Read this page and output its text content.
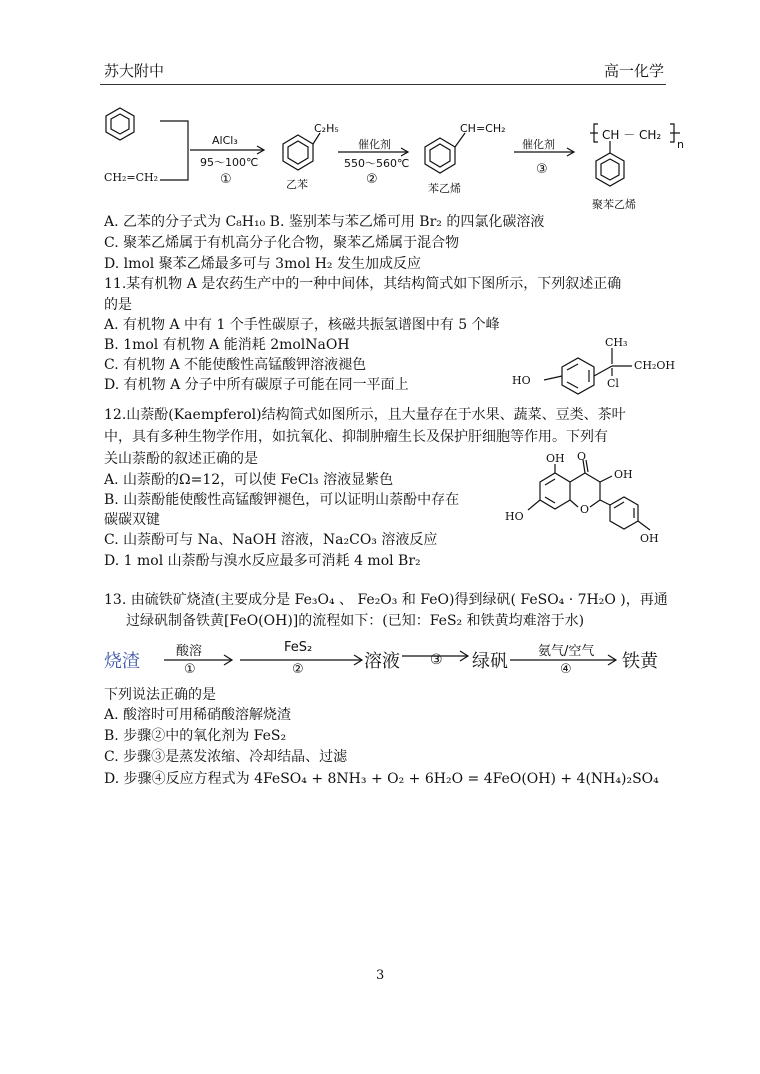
苏大附中	高一化学
CH₂=CH₂
AlCl₃
95～100℃
①
C₂H₅
乙苯
催化剂
550～560℃
②
CH=CH₂
苯乙烯
催化剂
③
CH － CH₂
n
聚苯乙烯
A. 乙苯的分子式为 C₈H₁₀ B. 鉴别苯与苯乙烯可用 Br₂ 的四氯化碳溶液
C. 聚苯乙烯属于有机高分子化合物，聚苯乙烯属于混合物
D. lmol 聚苯乙烯最多可与 3mol H₂ 发生加成反应
11.某有机物 A 是农药生产中的一种中间体，其结构简式如下图所示，下列叙述正确
的是
A. 有机物 A 中有 1 个手性碳原子，核磁共振氢谱图中有 5 个峰
B. 1mol 有机物 A 能消耗 2molNaOH
C. 有机物 A 不能使酸性高锰酸钾溶液褪色
D. 有机物 A 分子中所有碳原子可能在同一平面上	HO
CH₃
CH₂OH
Cl
12.山萘酚(Kaempferol)结构简式如图所示，且大量存在于水果、蔬菜、豆类、茶叶
中，具有多种生物学作用，如抗氧化、抑制肿瘤生长及保护肝细胞等作用。下列有
关山萘酚的叙述正确的是
A. 山萘酚的Ω=12，可以使 FeCl₃ 溶液显紫色
B. 山萘酚能使酸性高锰酸钾褪色，可以证明山萘酚中存在
碳碳双键
C. 山萘酚可与 Na、NaOH 溶液，Na₂CO₃ 溶液反应
D. 1 mol 山萘酚与溴水反应最多可消耗 4 mol Br₂
OH O
OH
HO
OH
O
13. 由硫铁矿烧渣(主要成分是 Fe₃O₄ 、 Fe₂O₃ 和 FeO)得到绿矾( FeSO₄ · 7H₂O )，再通
过绿矾制备铁黄[FeO(OH)]的流程如下：(已知：FeS₂ 和铁黄均难溶于水)
烧渣	酸溶
①
FeS₂
②	溶液 ③ 绿矾 氨气/空气
④	铁黄
下列说法正确的是
A. 酸溶时可用稀硝酸溶解烧渣
B. 步骤②中的氧化剂为 FeS₂
C. 步骤③是蒸发浓缩、冷却结晶、过滤
D. 步骤④反应方程式为 4FeSO₄ + 8NH₃ + O₂ + 6H₂O = 4FeO(OH) + 4(NH₄)₂SO₄
3
